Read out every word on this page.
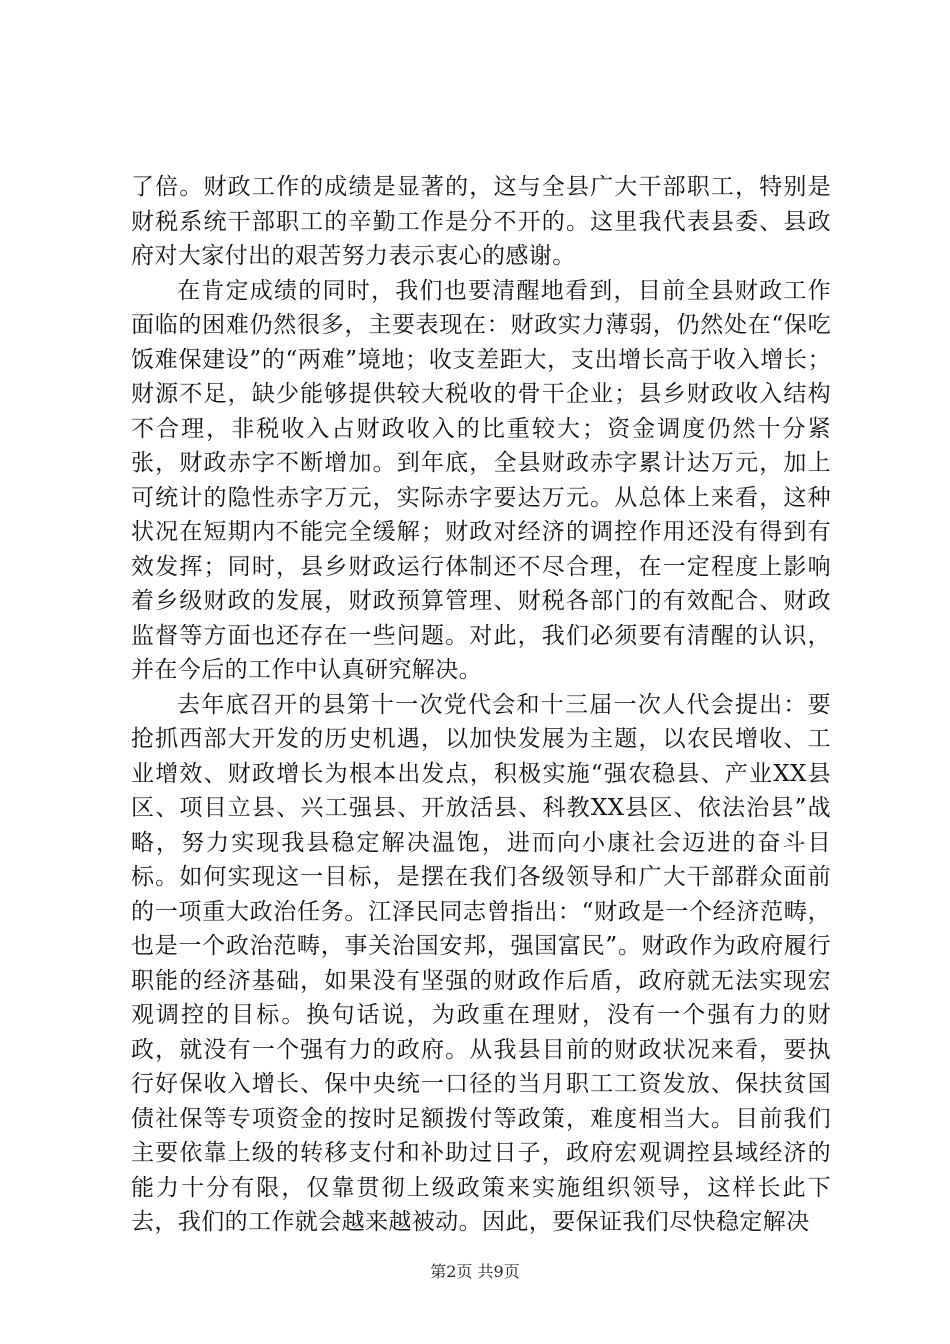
了倍。财政工作的成绩是显著的，这与全县广大干部职工，特别是财税系统干部职工的辛勤工作是分不开的。这里我代表县委、县政府对大家付出的艰苦努力表示衷心的感谢。

在肯定成绩的同时，我们也要清醒地看到，目前全县财政工作面临的困难仍然很多，主要表现在：财政实力薄弱，仍然处在“保吃饭难保建设”的“两难”境地；收支差距大，支出增长高于收入增长；财源不足，缺少能够提供较大税收的骨干企业；县乡财政收入结构不合理，非税收入占财政收入的比重较大；资金调度仍然十分紧张，财政赤字不断增加。到年底，全县财政赤字累计达万元，加上可统计的隐性赤字万元，实际赤字要达万元。从总体上来看，这种状况在短期内不能完全缓解；财政对经济的调控作用还没有得到有效发挥；同时，县乡财政运行体制还不尽合理，在一定程度上影响着乡级财政的发展，财政预算管理、财税各部门的有效配合、财政监督等方面也还存在一些问题。对此，我们必须要有清醒的认识，并在今后的工作中认真研究解决。

去年底召开的县第十一次党代会和十三届一次人代会提出：要抢抓西部大开发的历史机遇，以加快发展为主题，以农民增收、工业增效、财政增长为根本出发点，积极实施“强农稳县、产业XX县区、项目立县、兴工强县、开放活县、科教XX县区、依法治县”战略，努力实现我县稳定解决温饱，进而向小康社会迈进的奋斗目标。如何实现这一目标，是摆在我们各级领导和广大干部群众面前的一项重大政治任务。江泽民同志曾指出：“财政是一个经济范畴，也是一个政治范畴，事关治国安邦，强国富民”。财政作为政府履行职能的经济基础，如果没有坚强的财政作后盾，政府就无法实现宏观调控的目标。换句话说，为政重在理财，没有一个强有力的财政，就没有一个强有力的政府。从我县目前的财政状况来看，要执行好保收入增长、保中央统一口径的当月职工工资发放、保扶贫国债社保等专项资金的按时足额拨付等政策，难度相当大。目前我们主要依靠上级的转移支付和补助过日子，政府宏观调控县域经济的能力十分有限，仅靠贯彻上级政策来实施组织领导，这样长此下去，我们的工作就会越来越被动。因此，要保证我们尽快稳定解决

第2页 共9页
